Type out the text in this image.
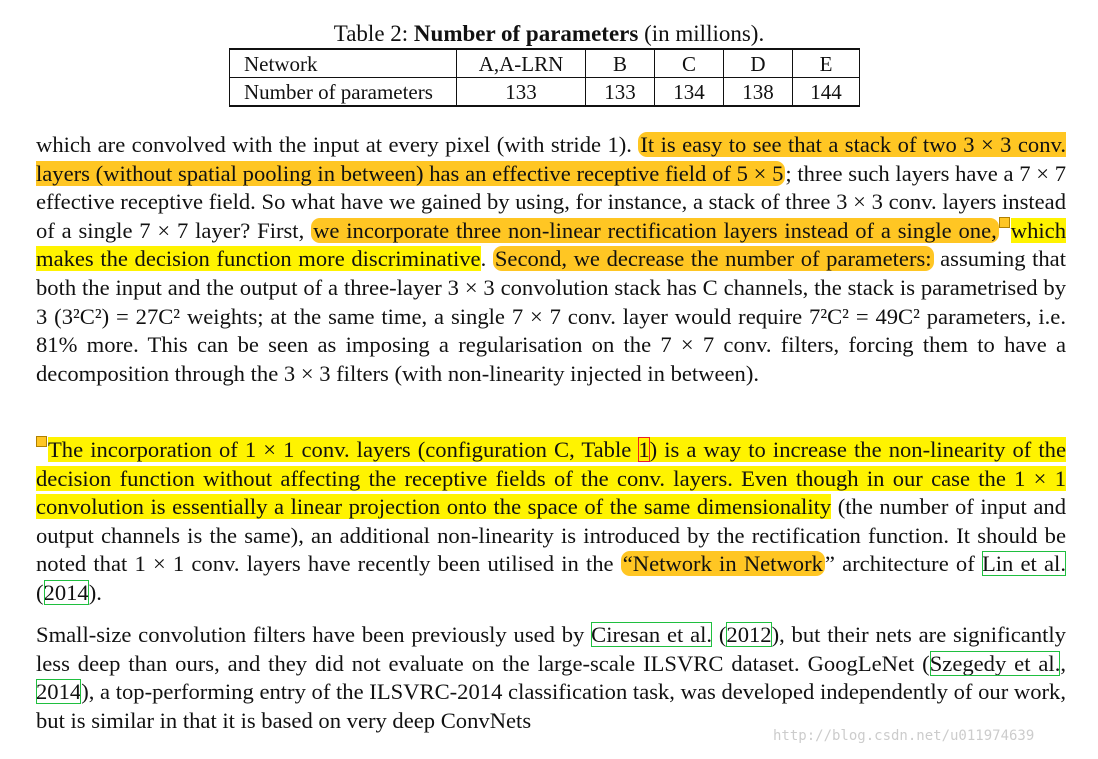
Table 2: Number of parameters (in millions).
Network	A,A-LRN	B	C	D	E
Number of parameters	133	133	134	138	144
which are convolved with the input at every pixel (with stride 1). It is easy to see that a stack of two 3 × 3 conv. layers (without spatial pooling in between) has an effective receptive field of 5 × 5; three such layers have a 7 × 7 effective receptive field. So what have we gained by using, for instance, a stack of three 3 × 3 conv. layers instead of a single 7 × 7 layer? First, we incorporate three non-linear rectification layers instead of a single one, which makes the decision function more discriminative. Second, we decrease the number of parameters: assuming that both the input and the output of a three-layer 3 × 3 convolution stack has C channels, the stack is parametrised by 3 (3²C²) = 27C² weights; at the same time, a single 7 × 7 conv. layer would require 7²C² = 49C² parameters, i.e. 81% more. This can be seen as imposing a regularisation on the 7 × 7 conv. filters, forcing them to have a decomposition through the 3 × 3 filters (with non-linearity injected in between).
The incorporation of 1 × 1 conv. layers (configuration C, Table 1) is a way to increase the non-linearity of the decision function without affecting the receptive fields of the conv. layers. Even though in our case the 1 × 1 convolution is essentially a linear projection onto the space of the same dimensionality (the number of input and output channels is the same), an additional non-linearity is introduced by the rectification function. It should be noted that 1 × 1 conv. layers have recently been utilised in the “Network in Network” architecture of Lin et al. (2014).
Small-size convolution filters have been previously used by Ciresan et al. (2012), but their nets are significantly less deep than ours, and they did not evaluate on the large-scale ILSVRC dataset. GoogLeNet (Szegedy et al., 2014), a top-performing entry of the ILSVRC-2014 classification task, was developed independently of our work, but is similar in that it is based on very deep ConvNets
http://blog.csdn.net/u011974639
